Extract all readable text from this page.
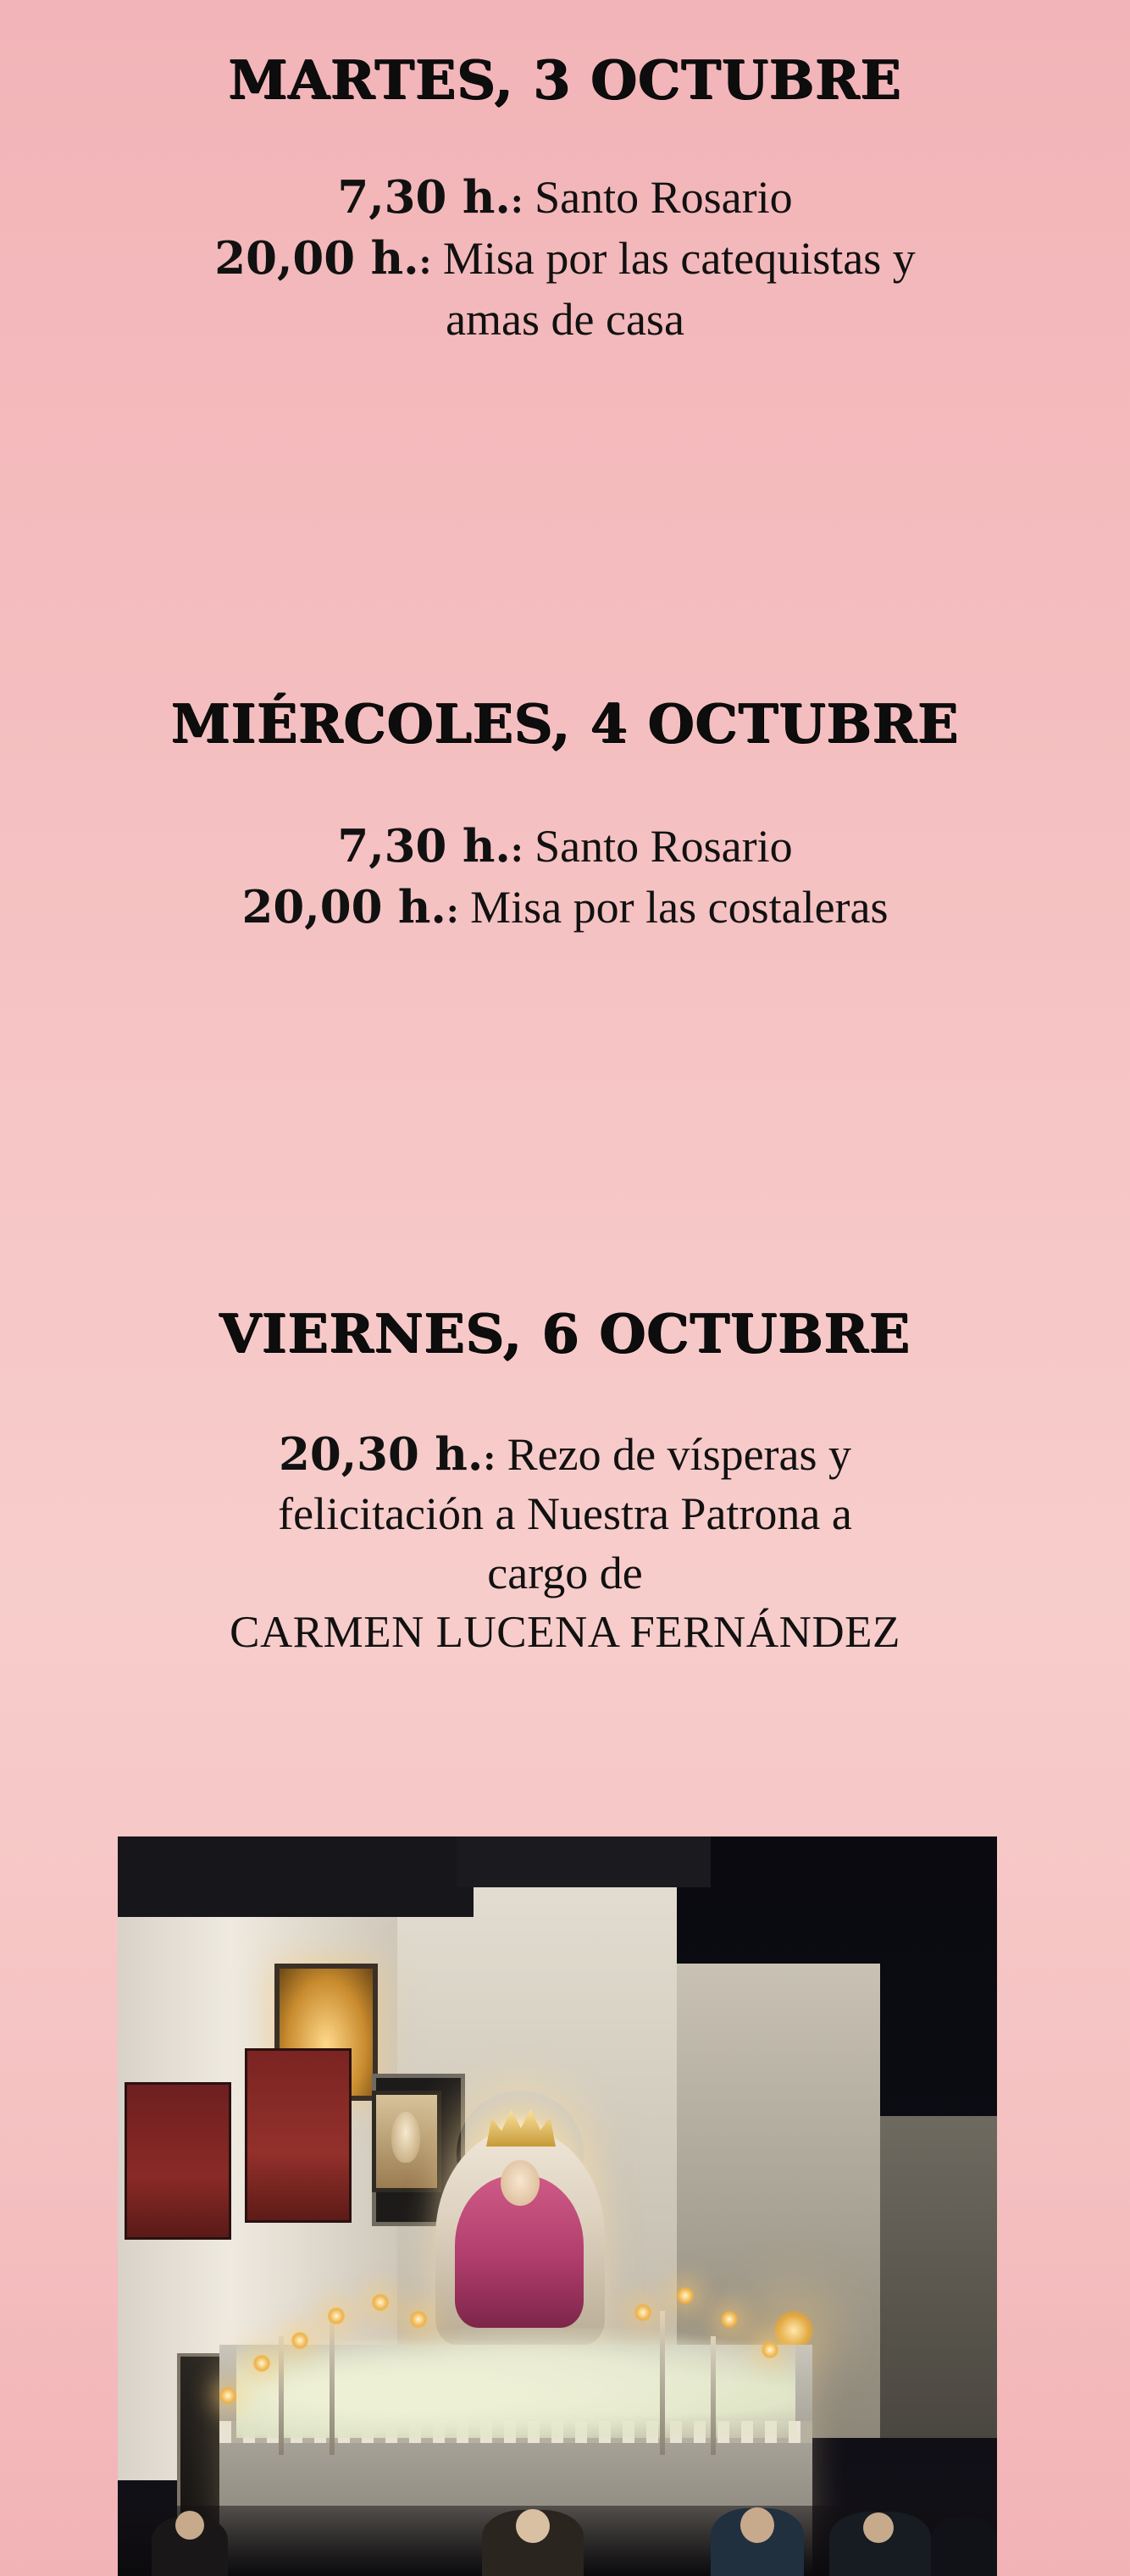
MARTES, 3 OCTUBRE
7,30 h.: Santo Rosario
20,00 h.: Misa por las catequistas y
amas de casa
MIÉRCOLES, 4 OCTUBRE
7,30 h.: Santo Rosario
20,00 h.: Misa por las costaleras
VIERNES, 6 OCTUBRE
20,30 h.: Rezo de vísperas y
felicitación a Nuestra Patrona a
cargo de
CARMEN LUCENA FERNÁNDEZ
